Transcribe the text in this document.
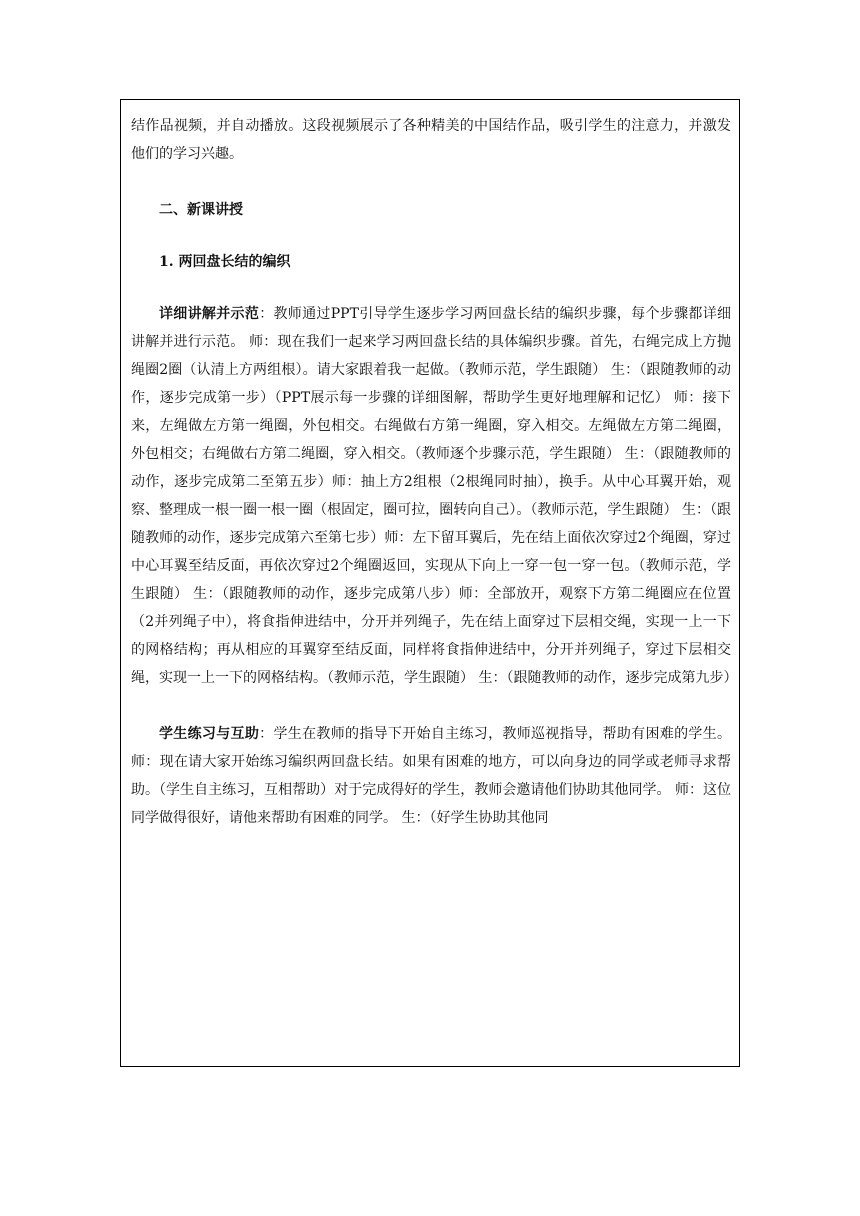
结作品视频，并自动播放。这段视频展示了各种精美的中国结作品，吸引学生的注意力，并激发他们的学习兴趣。

二、新课讲授

1. 两回盘长结的编织

详细讲解并示范：教师通过PPT引导学生逐步学习两回盘长结的编织步骤，每个步骤都详细讲解并进行示范。 师：现在我们一起来学习两回盘长结的具体编织步骤。首先，右绳完成上方抛绳圈2圈（认清上方两组根）。请大家跟着我一起做。（教师示范，学生跟随） 生：（跟随教师的动作，逐步完成第一步）（PPT展示每一步骤的详细图解，帮助学生更好地理解和记忆） 师：接下来，左绳做左方第一绳圈，外包相交。右绳做右方第一绳圈，穿入相交。左绳做左方第二绳圈，外包相交；右绳做右方第二绳圈，穿入相交。（教师逐个步骤示范，学生跟随） 生：（跟随教师的动作，逐步完成第二至第五步）师：抽上方2组根（2根绳同时抽），换手。从中心耳翼开始，观察、整理成一根一圈一根一圈（根固定，圈可拉，圈转向自己）。（教师示范，学生跟随） 生：（跟随教师的动作，逐步完成第六至第七步）师：左下留耳翼后，先在结上面依次穿过2个绳圈，穿过中心耳翼至结反面，再依次穿过2个绳圈返回，实现从下向上一穿一包一穿一包。（教师示范，学生跟随） 生：（跟随教师的动作，逐步完成第八步）师：全部放开，观察下方第二绳圈应在位置（2并列绳子中），将食指伸进结中，分开并列绳子，先在结上面穿过下层相交绳，实现一上一下的网格结构；再从相应的耳翼穿至结反面，同样将食指伸进结中，分开并列绳子，穿过下层相交绳，实现一上一下的网格结构。（教师示范，学生跟随） 生：（跟随教师的动作，逐步完成第九步）

学生练习与互助：学生在教师的指导下开始自主练习，教师巡视指导，帮助有困难的学生。 师：现在请大家开始练习编织两回盘长结。如果有困难的地方，可以向身边的同学或老师寻求帮助。（学生自主练习，互相帮助）对于完成得好的学生，教师会邀请他们协助其他同学。 师：这位同学做得很好，请他来帮助有困难的同学。 生：（好学生协助其他同
